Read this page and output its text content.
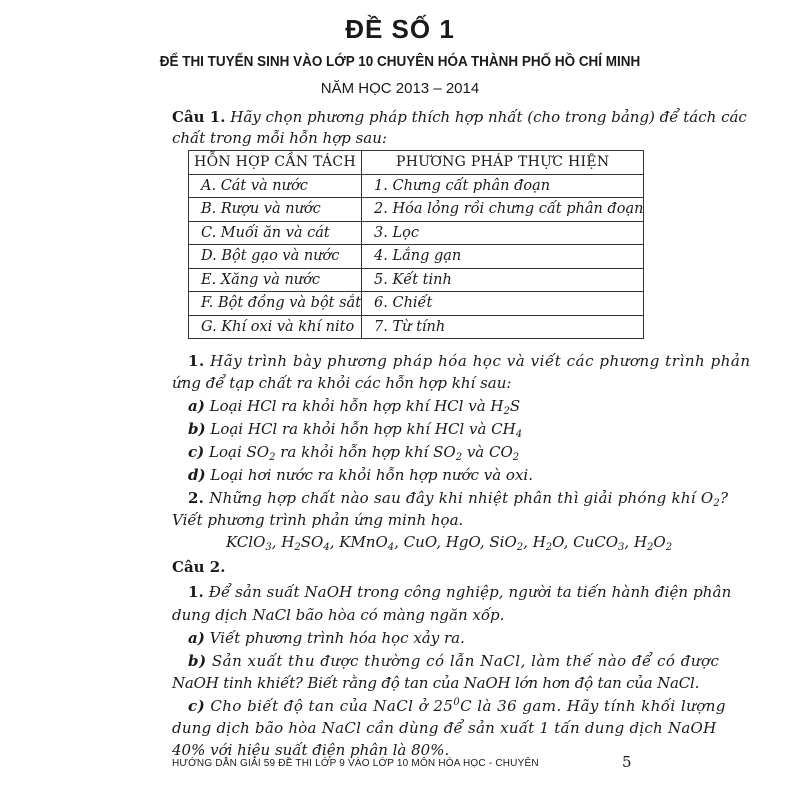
ĐỀ SỐ 1
ĐỂ THI TUYỂN SINH VÀO LỚP 10 CHUYÊN HÓA THÀNH PHỐ HỒ CHÍ MINH

NĂM HỌC 2013 – 2014

Câu 1. Hãy chọn phương pháp thích hợp nhất (cho trong bảng) để tách các

chất trong mỗi hỗn hợp sau:

HỖN HỢP CẦN TÁCH	PHƯƠNG PHÁP THỰC HIỆN
A. Cát và nước	1. Chưng cất phân đoạn
B. Rượu và nước	2. Hóa lỏng rồi chưng cất phân đoạn
C. Muối ăn và cát	3. Lọc
D. Bột gạo và nước	4. Lắng gạn
E. Xăng và nước	5. Kết tinh
F. Bột đồng và bột sắt	6. Chiết
G. Khí oxi và khí nito	7. Từ tính

1. Hãy trình bày phương pháp hóa học và viết các phương trình phản

ứng để tạp chất ra khỏi các hỗn hợp khí sau:

a) Loại HCl ra khỏi hỗn hợp khí HCl và $H_2S$

b) Loại HCl ra khỏi hỗn hợp khí HCl và $CH_4$

c) Loại $SO_2$ ra khỏi hỗn hợp khí $SO_2$ và $CO_2$

d) Loại hơi nước ra khỏi hỗn hợp nước và oxi.

2. Những hợp chất nào sau đây khi nhiệt phân thì giải phóng khí $O_2$?

Viết phương trình phản ứng minh họa.

KClO$_3$, $H_2SO_4$, KMnO$_4$, CuO, HgO, SiO$_2$, $H_2O$, CuCO$_3$, $H_2O_2$

Câu 2.

1. Để sản suất NaOH trong công nghiệp, người ta tiến hành điện phân

dung dịch NaCl bão hòa có màng ngăn xốp.

a) Viết phương trình hóa học xảy ra.

b) Sản xuất thu được thường có lẫn NaCl, làm thế nào để có được

NaOH tinh khiết? Biết rằng độ tan của NaOH lớn hơn độ tan của NaCl.

c) Cho biết độ tan của NaCl ở $25^0C$ là 36 gam. Hãy tính khối lượng

dung dịch bão hòa NaCl cần dùng để sản xuất 1 tấn dung dịch NaOH

40% với hiệu suất điện phân là 80%.

HƯỚNG DẪN GIẢI 59 ĐỀ THI LỚP 9 VÀO LỚP 10 MÔN HÓA HỌC - CHUYÊN	5
